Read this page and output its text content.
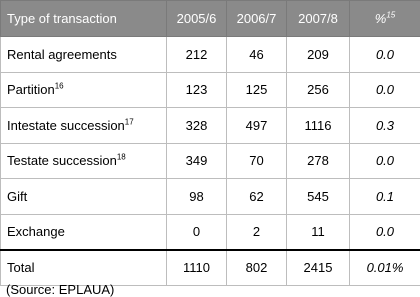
Type of transaction	2005/6	2006/7	2007/8	%$^{15}$
Rental agreements	212	46	209	0.0
Partition$^{16}$	123	125	256	0.0
Intestate succession$^{17}$	328	497	1116	0.3
Testate succession$^{18}$	349	70	278	0.0
Gift	98	62	545	0.1
Exchange	0	2	11	0.0
Total	1110	802	2415	0.01%
(Source: EPLAUA)
